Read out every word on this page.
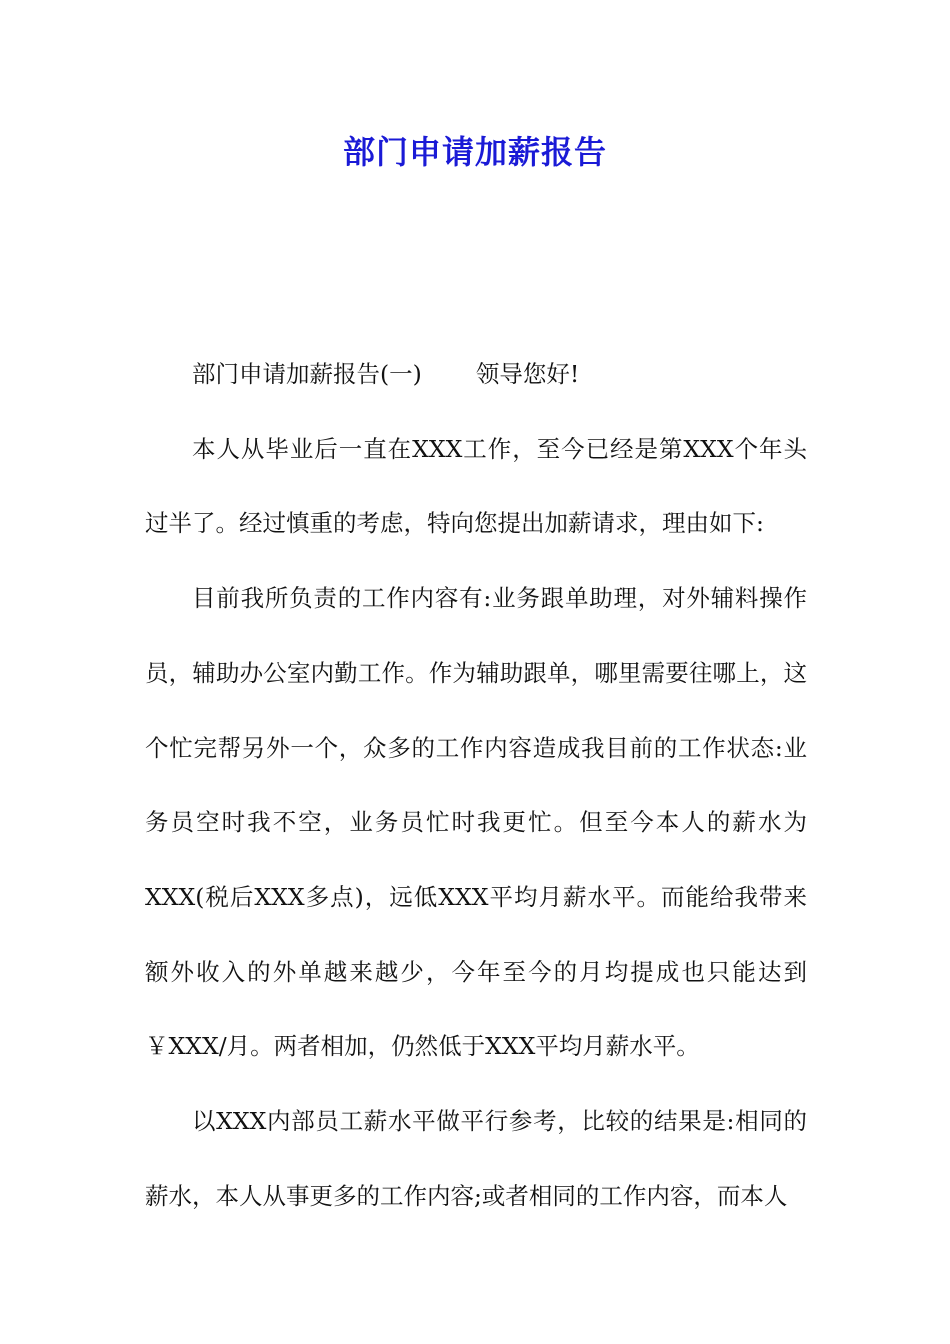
部门申请加薪报告

部门申请加薪报告(一) 领导您好!

本人从毕业后一直在XXX工作，至今已经是第XXX个年头过半了。经过慎重的考虑，特向您提出加薪请求，理由如下:

目前我所负责的工作内容有:业务跟单助理，对外辅料操作员，辅助办公室内勤工作。作为辅助跟单，哪里需要往哪上，这个忙完帮另外一个，众多的工作内容造成我目前的工作状态:业务员空时我不空，业务员忙时我更忙。但至今本人的薪水为XXX(税后XXX多点)，远低XXX平均月薪水平。而能给我带来额外收入的外单越来越少，今年至今的月均提成也只能达到￥XXX/月。两者相加，仍然低于XXX平均月薪水平。

以XXX内部员工薪水平做平行参考，比较的结果是:相同的薪水，本人从事更多的工作内容;或者相同的工作内容，而本人
